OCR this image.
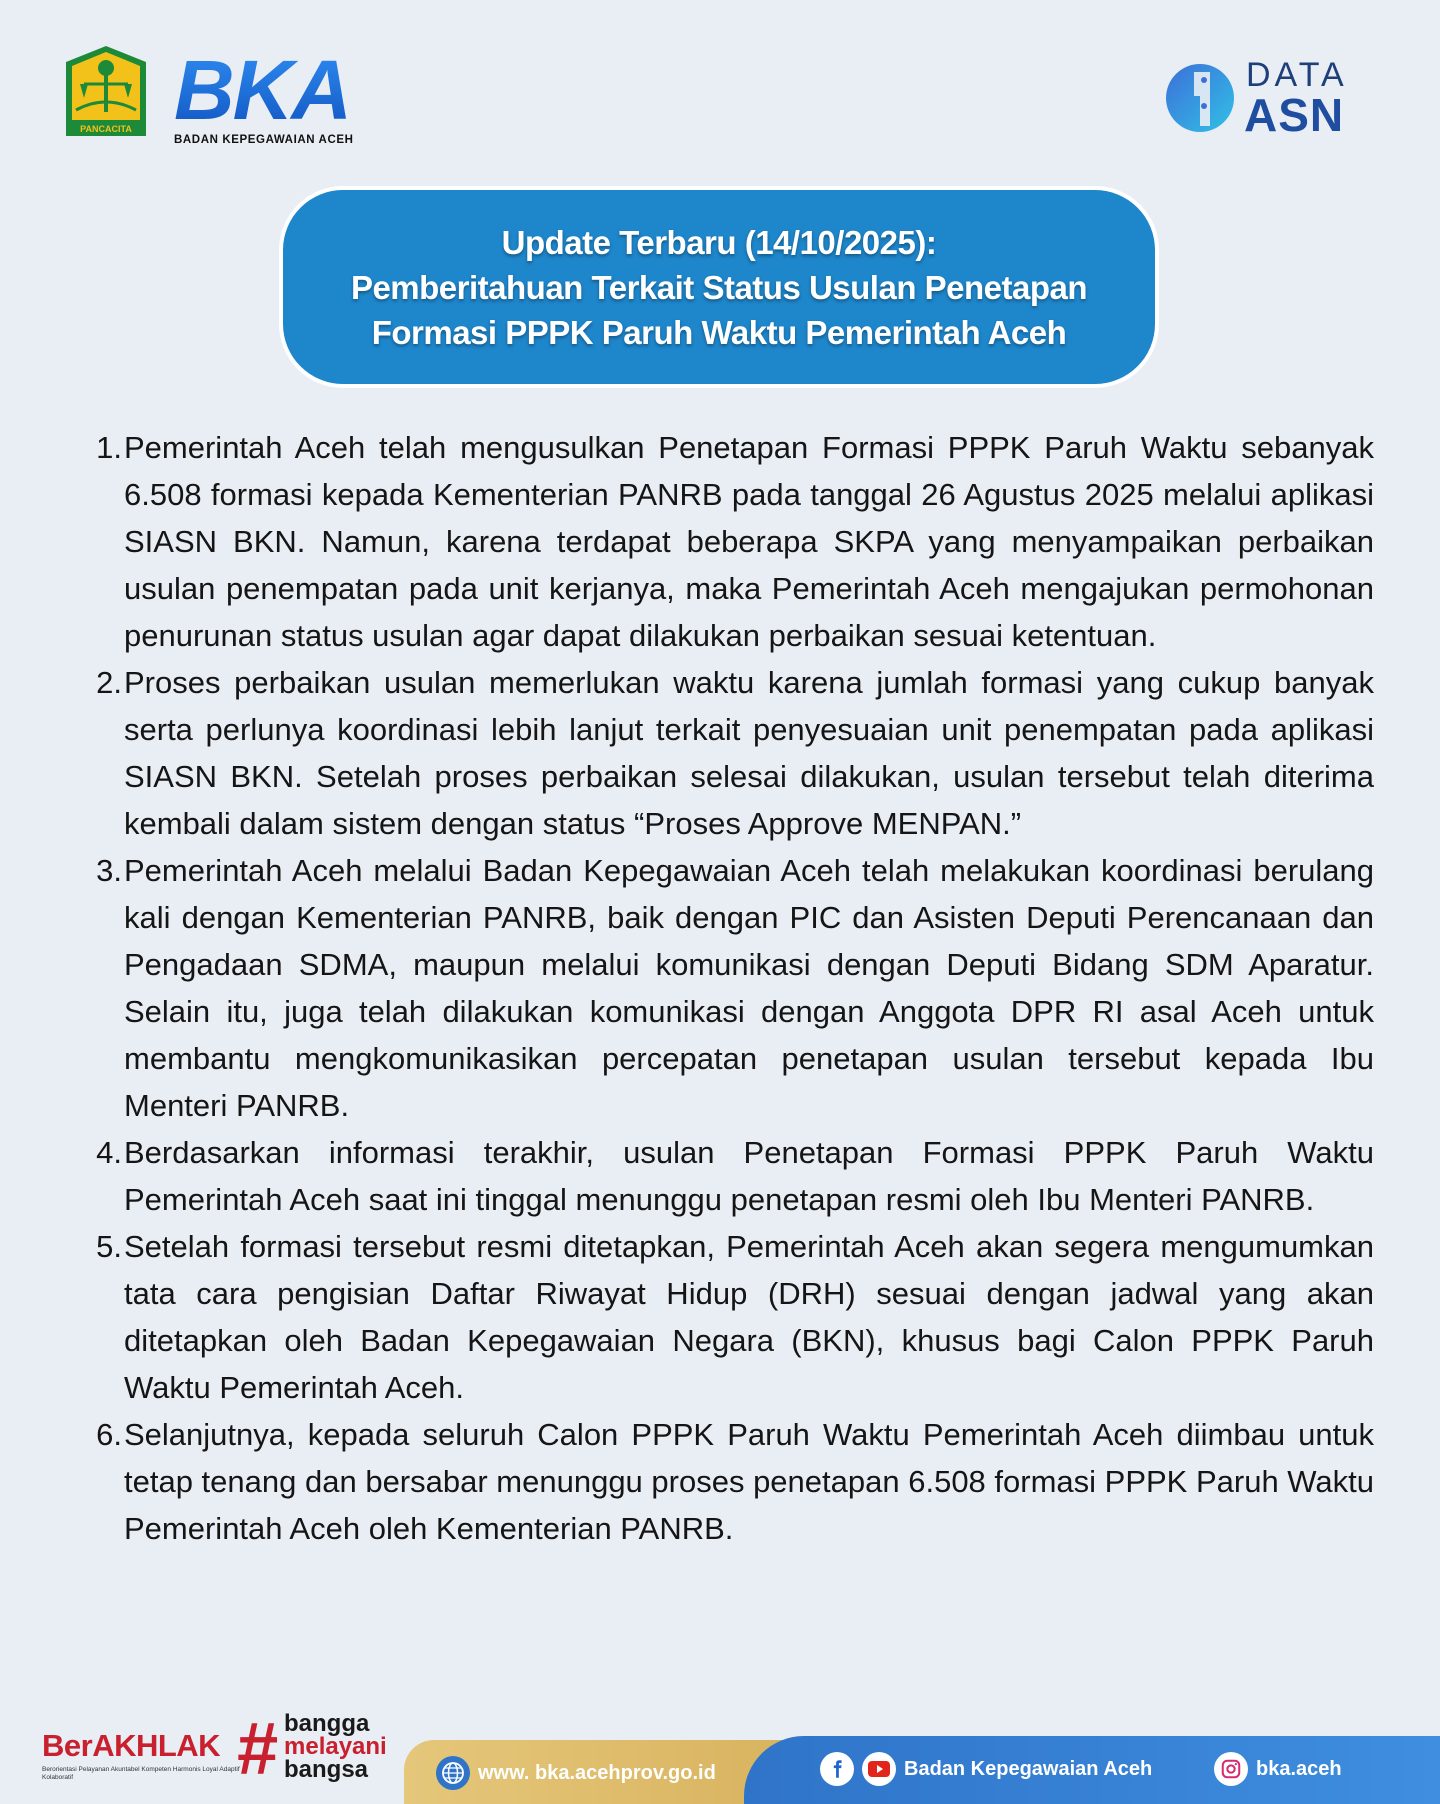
PANCACITA BKA
BADAN KEPEGAWAIAN ACEH
DATA
ASN
Update Terbaru (14/10/2025):
Pemberitahuan Terkait Status Usulan Penetapan
Formasi PPPK Paruh Waktu Pemerintah Aceh
1. Pemerintah Aceh telah mengusulkan Penetapan Formasi PPPK Paruh Waktu sebanyak 6.508 formasi kepada Kementerian PANRB pada tanggal 26 Agustus 2025 melalui aplikasi SIASN BKN. Namun, karena terdapat beberapa SKPA yang menyampaikan perbaikan usulan penempatan pada unit kerjanya, maka Pemerintah Aceh mengajukan permohonan penurunan status usulan agar dapat dilakukan perbaikan sesuai ketentuan.
2. Proses perbaikan usulan memerlukan waktu karena jumlah formasi yang cukup banyak serta perlunya koordinasi lebih lanjut terkait penyesuaian unit penempatan pada aplikasi SIASN BKN. Setelah proses perbaikan selesai dilakukan, usulan tersebut telah diterima kembali dalam sistem dengan status “Proses Approve MENPAN.”
3. Pemerintah Aceh melalui Badan Kepegawaian Aceh telah melakukan koordinasi berulang kali dengan Kementerian PANRB, baik dengan PIC dan Asisten Deputi Perencanaan dan Pengadaan SDMA, maupun melalui komunikasi dengan Deputi Bidang SDM Aparatur. Selain itu, juga telah dilakukan komunikasi dengan Anggota DPR RI asal Aceh untuk membantu mengkomunikasikan percepatan penetapan usulan tersebut kepada Ibu Menteri PANRB.
4. Berdasarkan informasi terakhir, usulan Penetapan Formasi PPPK Paruh Waktu Pemerintah Aceh saat ini tinggal menunggu penetapan resmi oleh Ibu Menteri PANRB.
5. Setelah formasi tersebut resmi ditetapkan, Pemerintah Aceh akan segera mengumumkan tata cara pengisian Daftar Riwayat Hidup (DRH) sesuai dengan jadwal yang akan ditetapkan oleh Badan Kepegawaian Negara (BKN), khusus bagi Calon PPPK Paruh Waktu Pemerintah Aceh.
6. Selanjutnya, kepada seluruh Calon PPPK Paruh Waktu Pemerintah Aceh diimbau untuk tetap tenang dan bersabar menunggu proses penetapan 6.508 formasi PPPK Paruh Waktu Pemerintah Aceh oleh Kementerian PANRB.
BerAKHLAK
Berorientasi Pelayanan Akuntabel Kompeten Harmonis Loyal Adaptif Kolaboratif	# bangga
melayani
bangsa	www. bka.acehprov.go.id	Badan Kepegawaian Aceh	bka.aceh
